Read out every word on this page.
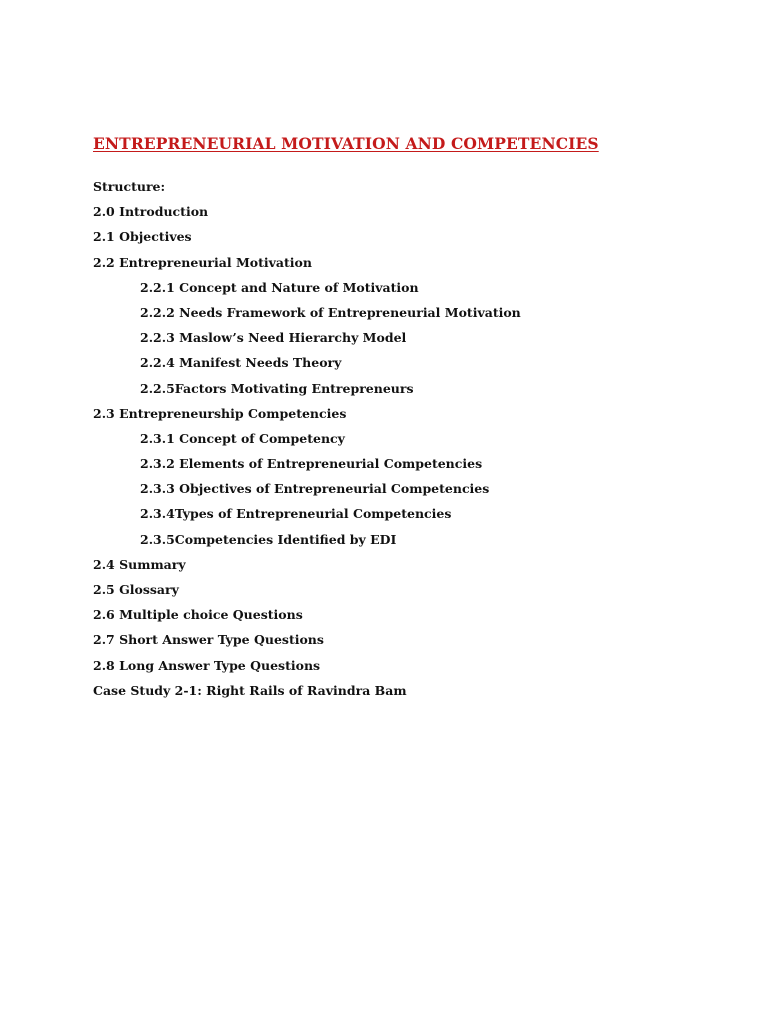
ENTREPRENEURIAL MOTIVATION AND COMPETENCIES
Structure:
2.0 Introduction
2.1 Objectives
2.2 Entrepreneurial Motivation
2.2.1 Concept and Nature of Motivation
2.2.2 Needs Framework of Entrepreneurial Motivation
2.2.3 Maslow’s Need Hierarchy Model
2.2.4 Manifest Needs Theory
2.2.5Factors Motivating Entrepreneurs
2.3 Entrepreneurship Competencies
2.3.1 Concept of Competency
2.3.2 Elements of Entrepreneurial Competencies
2.3.3 Objectives of Entrepreneurial Competencies
2.3.4Types of Entrepreneurial Competencies
2.3.5Competencies Identified by EDI
2.4 Summary
2.5 Glossary
2.6 Multiple choice Questions
2.7 Short Answer Type Questions
2.8 Long Answer Type Questions
Case Study 2-1: Right Rails of Ravindra Bam
